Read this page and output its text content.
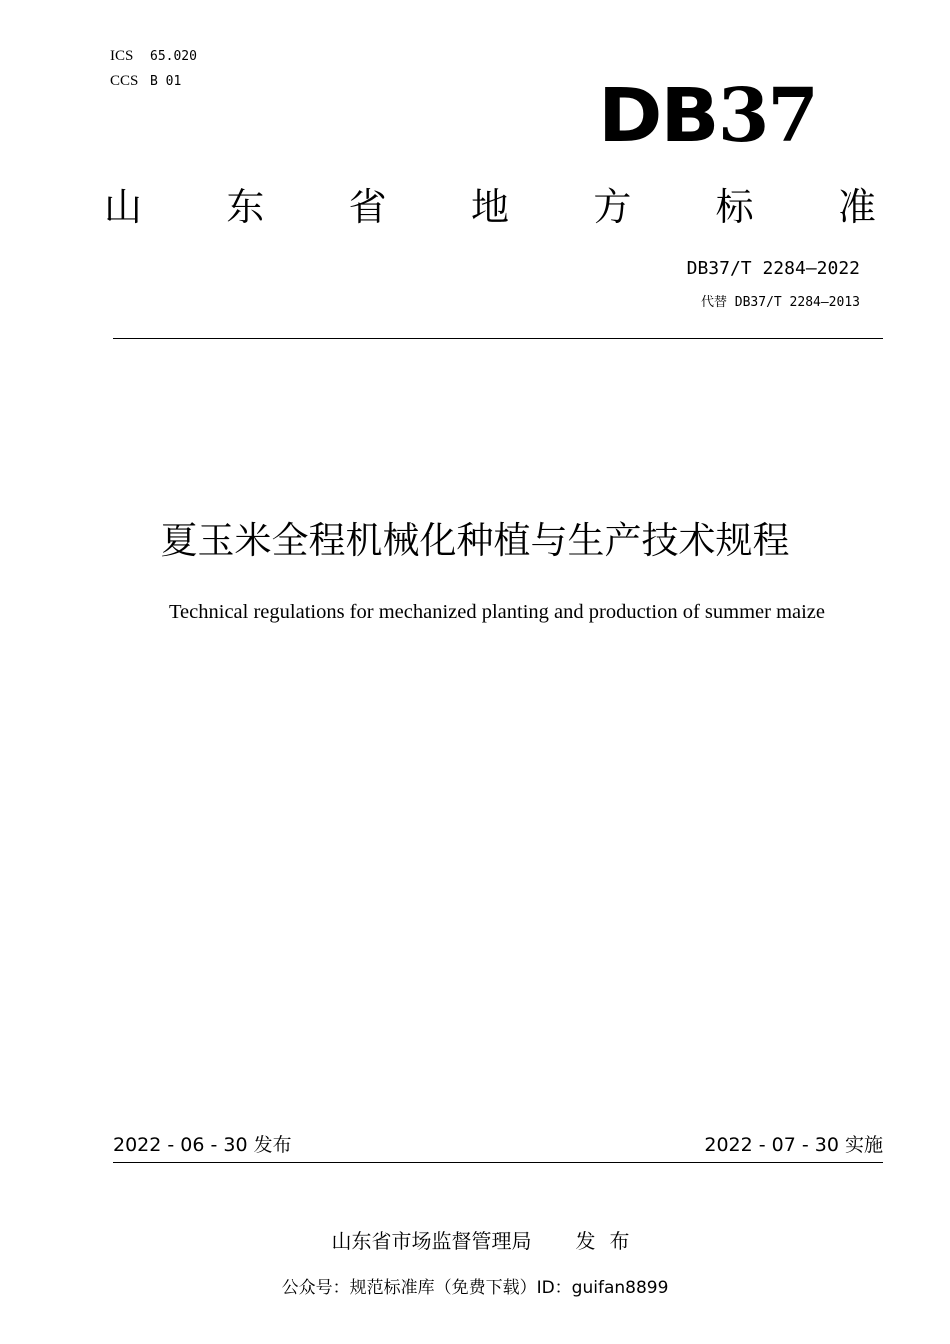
ICS 65.020
CCS B 01	DB37
山 东 省 地 方 标 准
DB37/T 2284—2022
代替 DB37/T 2284—2013
夏玉米全程机械化种植与生产技术规程
Technical regulations for mechanized planting and production of summer maize
2022 - 06 - 30 发布	2022 - 07 - 30 实施
山东省市场监督管理局 发布
公众号：规范标准库（免费下载）ID：guifan8899
